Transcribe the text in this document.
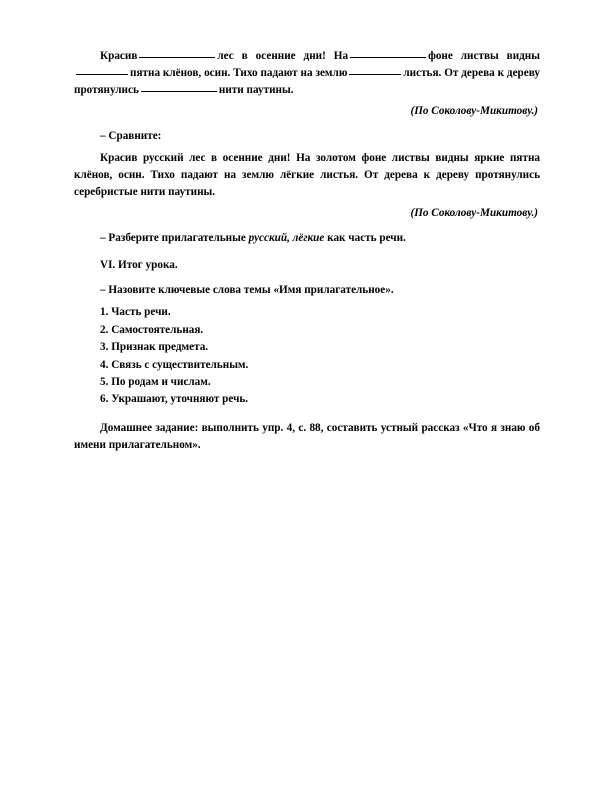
Красив	лес в осенние дни! На	фоне листвы видныпятна клёнов, осин. Тихо падают на землю	листья. От дерева к дереву протянулись	нити паутины.

(По Соколову-Микитову.)

– Сравните:

Красив русский лес в осенние дни! На золотом фоне листвы видны яркие пятна клёнов, осин. Тихо падают на землю лёгкие листья. От дерева к дереву протянулись серебристые нити паутины.

(По Соколову-Микитову.)

– Разберите прилагательные русский, лёгкие как часть речи.

VI. Итог урока.

– Назовите ключевые слова темы «Имя прилагательное».

1. Часть речи.

2. Самостоятельная.

3. Признак предмета.

4. Связь с существительным.

5. По родам и числам.

6. Украшают, уточняют речь.

Домашнее задание: выполнить упр. 4, с. 88, составить устный рассказ «Что я знаю об имени прилагательном».
